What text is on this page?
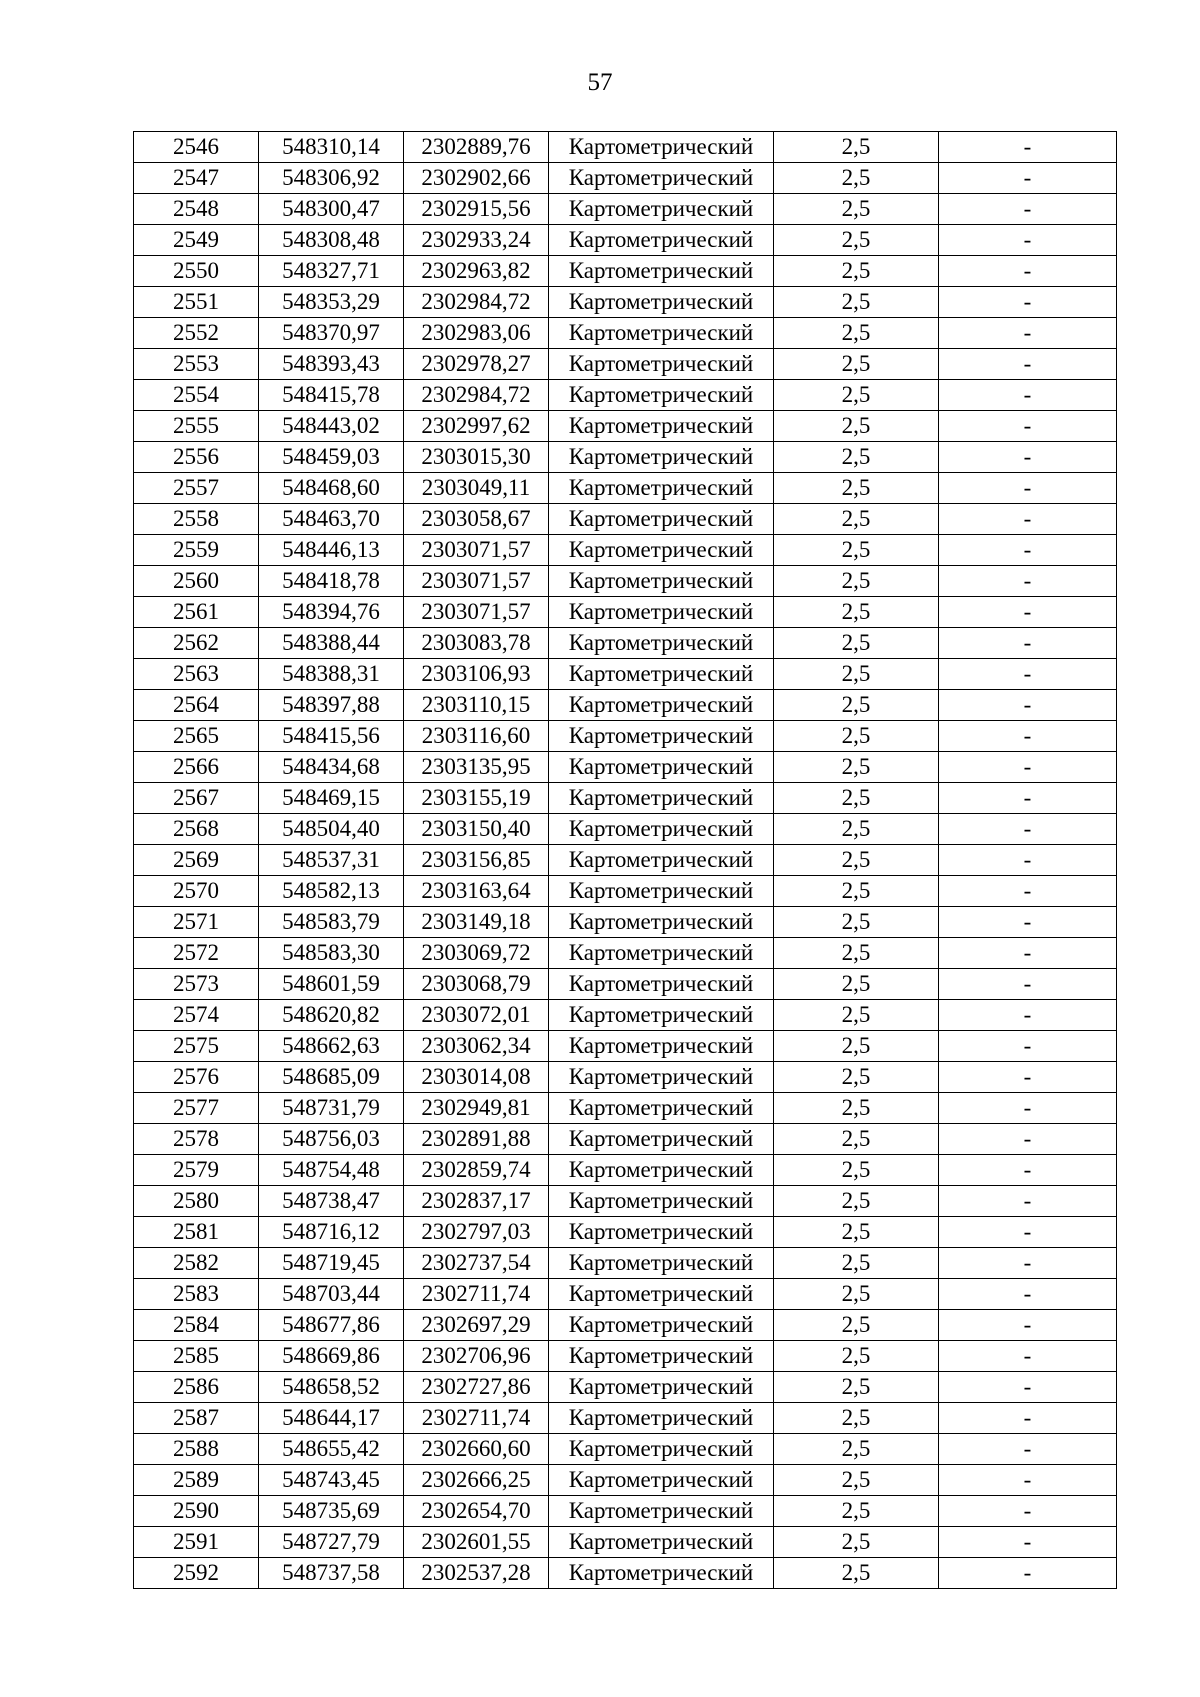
57
2546	548310,14	2302889,76	Картометрический	2,5	-
2547	548306,92	2302902,66	Картометрический	2,5	-
2548	548300,47	2302915,56	Картометрический	2,5	-
2549	548308,48	2302933,24	Картометрический	2,5	-
2550	548327,71	2302963,82	Картометрический	2,5	-
2551	548353,29	2302984,72	Картометрический	2,5	-
2552	548370,97	2302983,06	Картометрический	2,5	-
2553	548393,43	2302978,27	Картометрический	2,5	-
2554	548415,78	2302984,72	Картометрический	2,5	-
2555	548443,02	2302997,62	Картометрический	2,5	-
2556	548459,03	2303015,30	Картометрический	2,5	-
2557	548468,60	2303049,11	Картометрический	2,5	-
2558	548463,70	2303058,67	Картометрический	2,5	-
2559	548446,13	2303071,57	Картометрический	2,5	-
2560	548418,78	2303071,57	Картометрический	2,5	-
2561	548394,76	2303071,57	Картометрический	2,5	-
2562	548388,44	2303083,78	Картометрический	2,5	-
2563	548388,31	2303106,93	Картометрический	2,5	-
2564	548397,88	2303110,15	Картометрический	2,5	-
2565	548415,56	2303116,60	Картометрический	2,5	-
2566	548434,68	2303135,95	Картометрический	2,5	-
2567	548469,15	2303155,19	Картометрический	2,5	-
2568	548504,40	2303150,40	Картометрический	2,5	-
2569	548537,31	2303156,85	Картометрический	2,5	-
2570	548582,13	2303163,64	Картометрический	2,5	-
2571	548583,79	2303149,18	Картометрический	2,5	-
2572	548583,30	2303069,72	Картометрический	2,5	-
2573	548601,59	2303068,79	Картометрический	2,5	-
2574	548620,82	2303072,01	Картометрический	2,5	-
2575	548662,63	2303062,34	Картометрический	2,5	-
2576	548685,09	2303014,08	Картометрический	2,5	-
2577	548731,79	2302949,81	Картометрический	2,5	-
2578	548756,03	2302891,88	Картометрический	2,5	-
2579	548754,48	2302859,74	Картометрический	2,5	-
2580	548738,47	2302837,17	Картометрический	2,5	-
2581	548716,12	2302797,03	Картометрический	2,5	-
2582	548719,45	2302737,54	Картометрический	2,5	-
2583	548703,44	2302711,74	Картометрический	2,5	-
2584	548677,86	2302697,29	Картометрический	2,5	-
2585	548669,86	2302706,96	Картометрический	2,5	-
2586	548658,52	2302727,86	Картометрический	2,5	-
2587	548644,17	2302711,74	Картометрический	2,5	-
2588	548655,42	2302660,60	Картометрический	2,5	-
2589	548743,45	2302666,25	Картометрический	2,5	-
2590	548735,69	2302654,70	Картометрический	2,5	-
2591	548727,79	2302601,55	Картометрический	2,5	-
2592	548737,58	2302537,28	Картометрический	2,5	-
